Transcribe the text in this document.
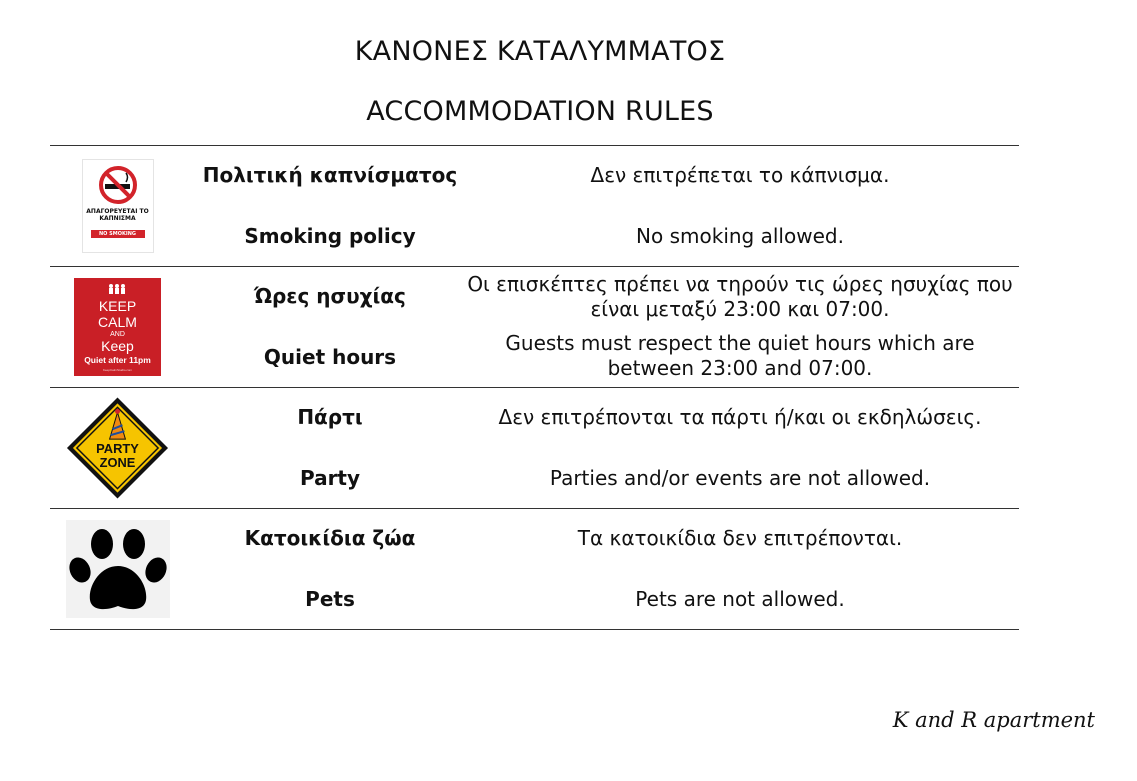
ΚΑΝΟΝΕΣ ΚΑΤΑΛΥΜΜΑΤΟΣ
ACCOMMODATION RULES
ΑΠΑΓΟΡΕΥΕΤΑΙ ΤΟ ΚΑΠΝΙΣΜΑ
NO SMOKING
Πολιτική καπνίσματος
Smoking policy
Δεν επιτρέπεται το κάπνισμα.
No smoking allowed.
KEEP
CALM
AND
Keep
Quiet after 11pm
KeepCalmStudio.com
Ώρες ησυχίας
Quiet hours
Οι επισκέπτες πρέπει να τηρούν τις ώρες ησυχίας που είναι μεταξύ 23:00 και 07:00.
Guests must respect the quiet hours which are between 23:00 and 07:00.
PARTY
ZONE
Πάρτι
Party
Δεν επιτρέπονται τα πάρτι ή/και οι εκδηλώσεις.
Parties and/or events are not allowed.
Κατοικίδια ζώα
Pets
Τα κατοικίδια δεν επιτρέπονται.
Pets are not allowed.
K and R apartment
